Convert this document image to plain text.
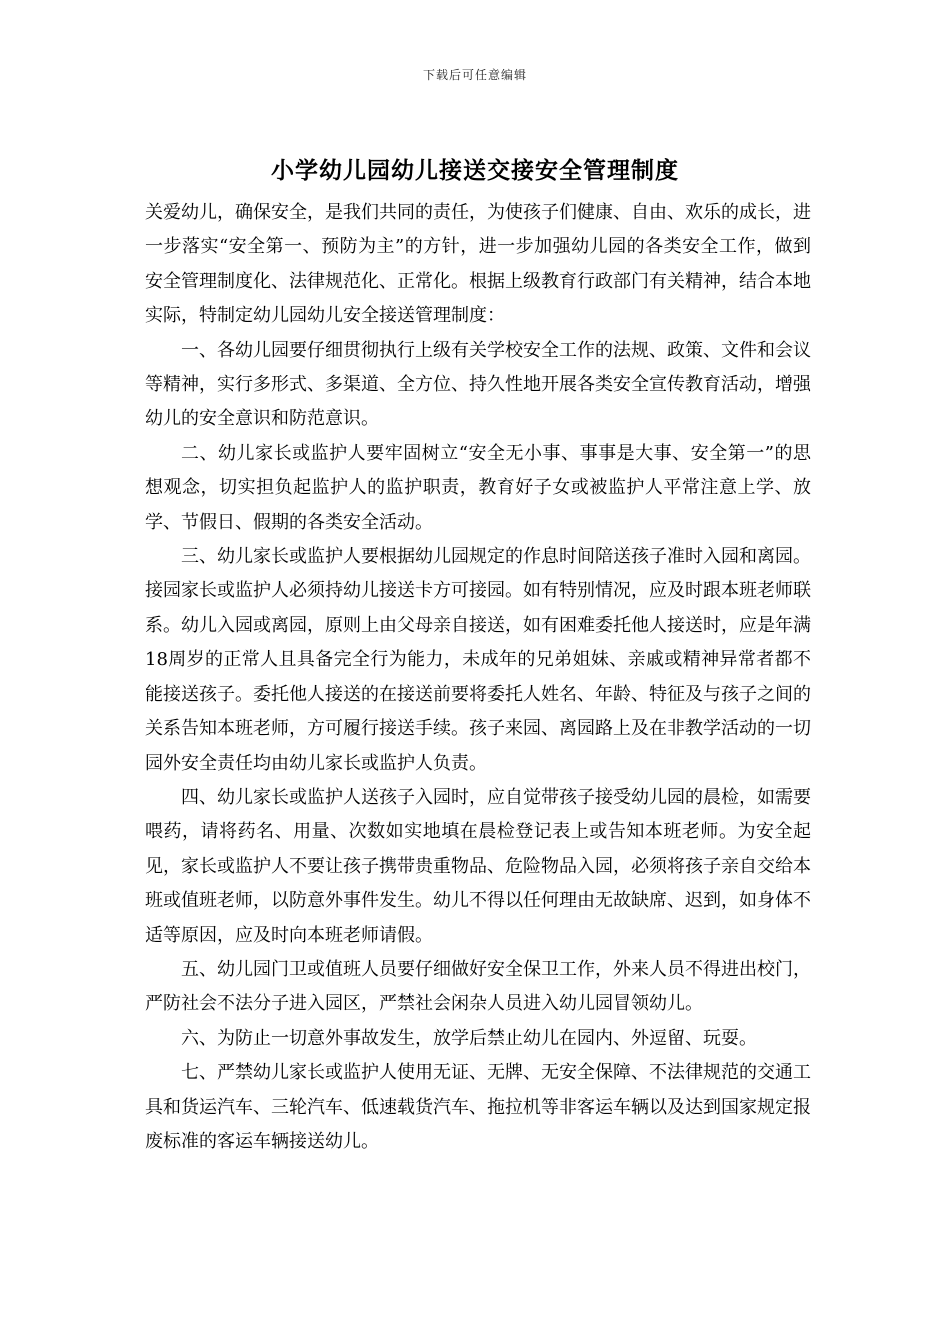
下载后可任意编辑
小学幼儿园幼儿接送交接安全管理制度

关爱幼儿，确保安全，是我们共同的责任，为使孩子们健康、自由、欢乐的成长，进一步落实“安全第一、预防为主”的方针，进一步加强幼儿园的各类安全工作，做到安全管理制度化、法律规范化、正常化。根据上级教育行政部门有关精神，结合本地实际，特制定幼儿园幼儿安全接送管理制度：

一、各幼儿园要仔细贯彻执行上级有关学校安全工作的法规、政策、文件和会议等精神，实行多形式、多渠道、全方位、持久性地开展各类安全宣传教育活动，增强幼儿的安全意识和防范意识。

二、幼儿家长或监护人要牢固树立“安全无小事、事事是大事、安全第一”的思想观念，切实担负起监护人的监护职责，教育好子女或被监护人平常注意上学、放学、节假日、假期的各类安全活动。

三、幼儿家长或监护人要根据幼儿园规定的作息时间陪送孩子准时入园和离园。接园家长或监护人必须持幼儿接送卡方可接园。如有特别情况，应及时跟本班老师联系。幼儿入园或离园，原则上由父母亲自接送，如有困难委托他人接送时，应是年满18周岁的正常人且具备完全行为能力，未成年的兄弟姐妹、亲戚或精神异常者都不能接送孩子。委托他人接送的在接送前要将委托人姓名、年龄、特征及与孩子之间的关系告知本班老师，方可履行接送手续。孩子来园、离园路上及在非教学活动的一切园外安全责任均由幼儿家长或监护人负责。

四、幼儿家长或监护人送孩子入园时，应自觉带孩子接受幼儿园的晨检，如需要喂药，请将药名、用量、次数如实地填在晨检登记表上或告知本班老师。为安全起见，家长或监护人不要让孩子携带贵重物品、危险物品入园，必须将孩子亲自交给本班或值班老师，以防意外事件发生。幼儿不得以任何理由无故缺席、迟到，如身体不适等原因，应及时向本班老师请假。

五、幼儿园门卫或值班人员要仔细做好安全保卫工作，外来人员不得进出校门，严防社会不法分子进入园区，严禁社会闲杂人员进入幼儿园冒领幼儿。

六、为防止一切意外事故发生，放学后禁止幼儿在园内、外逗留、玩耍。

七、严禁幼儿家长或监护人使用无证、无牌、无安全保障、不法律规范的交通工具和货运汽车、三轮汽车、低速载货汽车、拖拉机等非客运车辆以及达到国家规定报废标准的客运车辆接送幼儿。
